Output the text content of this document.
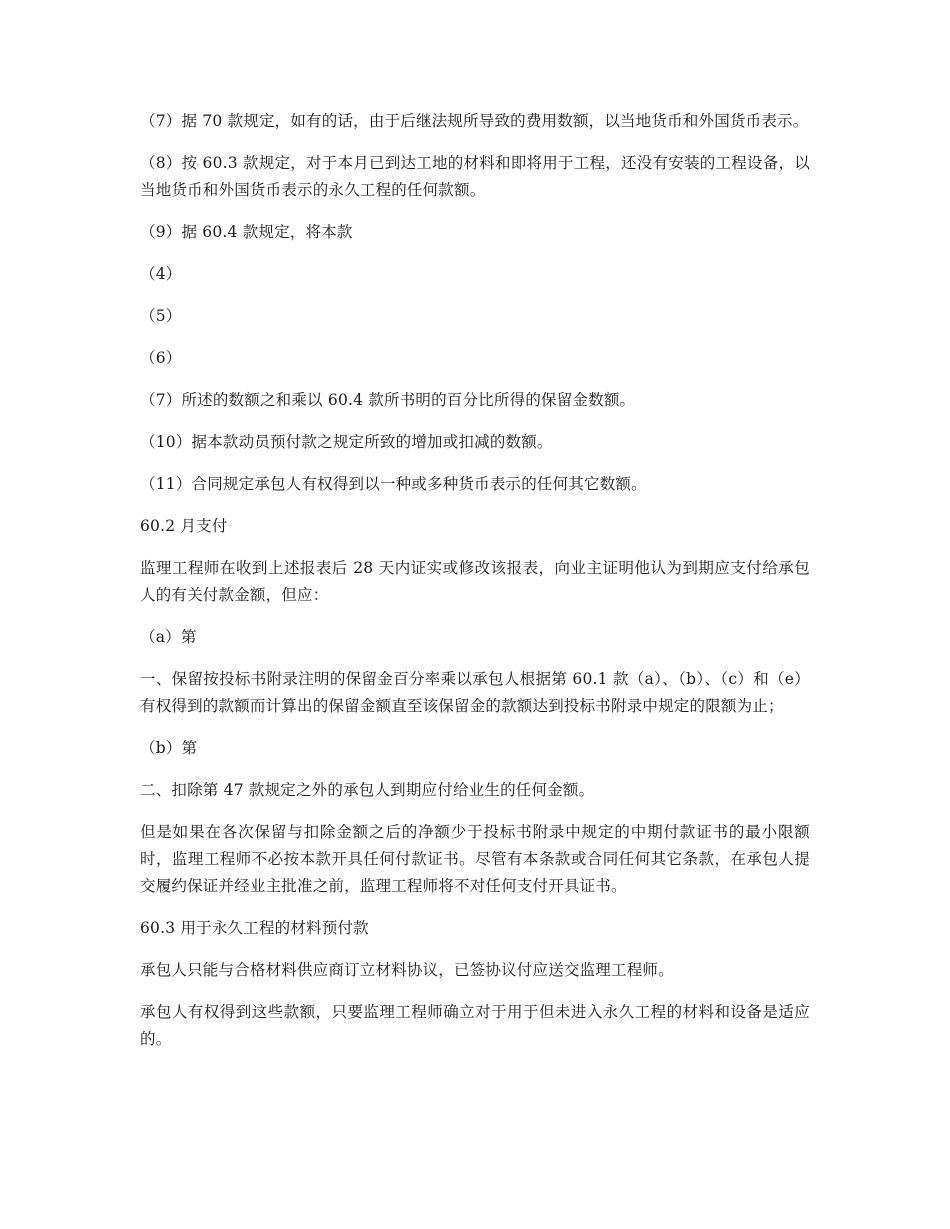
（7）据 70 款规定，如有的话，由于后继法规所导致的费用数额，以当地货币和外国货币表示。

（8）按 60.3 款规定，对于本月已到达工地的材料和即将用于工程，还没有安装的工程设备，以当地货币和外国货币表示的永久工程的任何款额。

（9）据 60.4 款规定，将本款

（4）

（5）

（6）

（7）所述的数额之和乘以 60.4 款所书明的百分比所得的保留金数额。

（10）据本款动员预付款之规定所致的增加或扣减的数额。

（11）合同规定承包人有权得到以一种或多种货币表示的任何其它数额。

60.2 月支付

监理工程师在收到上述报表后 28 天内证实或修改该报表，向业主证明他认为到期应支付给承包人的有关付款金额，但应：

（a）第

一、保留按投标书附录注明的保留金百分率乘以承包人根据第 60.1 款（a）、（b）、（c）和（e）有权得到的款额而计算出的保留金额直至该保留金的款额达到投标书附录中规定的限额为止；

（b）第

二、扣除第 47 款规定之外的承包人到期应付给业生的任何金额。

但是如果在各次保留与扣除金额之后的净额少于投标书附录中规定的中期付款证书的最小限额时，监理工程师不必按本款开具任何付款证书。尽管有本条款或合同任何其它条款，在承包人提交履约保证并经业主批准之前，监理工程师将不对任何支付开具证书。

60.3 用于永久工程的材料预付款

承包人只能与合格材料供应商订立材料协议，已签协议付应送交监理工程师。

承包人有权得到这些款额，只要监理工程师确立对于用于但未进入永久工程的材料和设备是适应的。
